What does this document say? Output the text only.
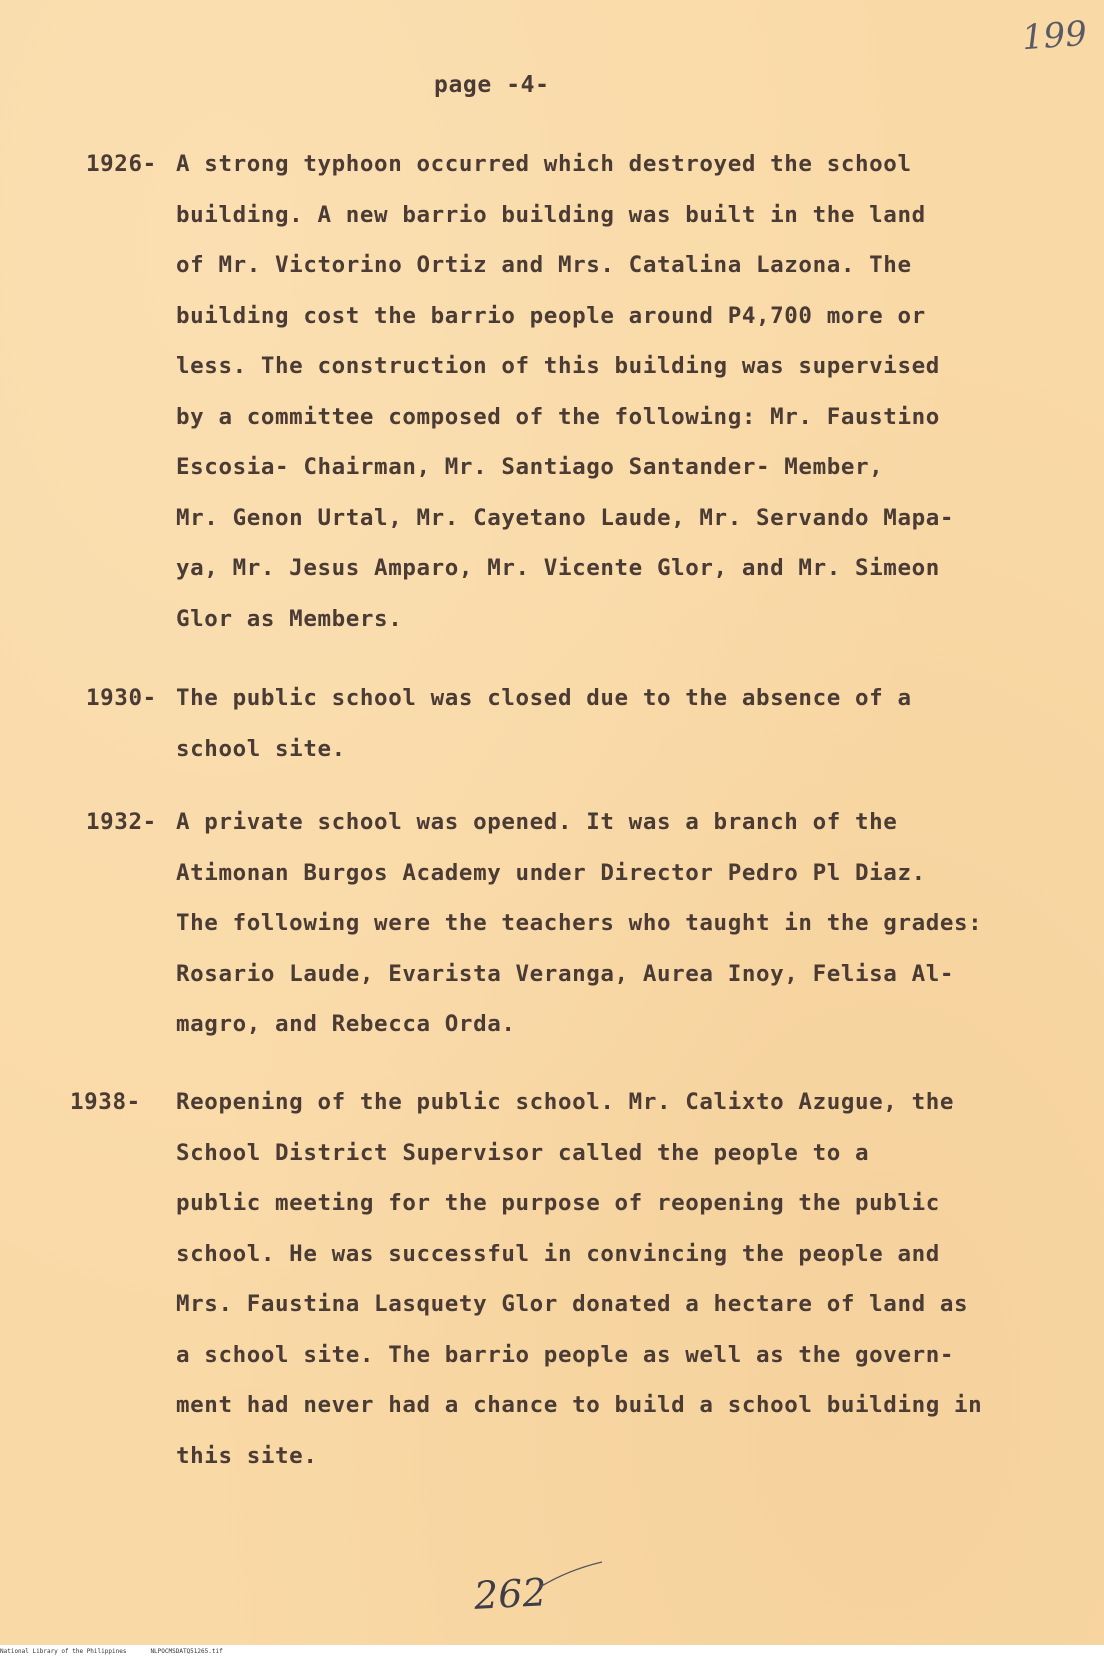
199
page -4-
1926- A strong typhoon occurred which destroyed the school
building. A new barrio building was built in the land
of Mr. Victorino Ortiz and Mrs. Catalina Lazona. The
building cost the barrio people around P4,700 more or
less. The construction of this building was supervised
by a committee composed of the following: Mr. Faustino
Escosia- Chairman, Mr. Santiago Santander- Member,
Mr. Genon Urtal, Mr. Cayetano Laude, Mr. Servando Mapa-
ya, Mr. Jesus Amparo, Mr. Vicente Glor, and Mr. Simeon
Glor as Members.
1930- The public school was closed due to the absence of a
school site.
1932- A private school was opened. It was a branch of the
Atimonan Burgos Academy under Director Pedro Pl Diaz.
The following were the teachers who taught in the grades:
Rosario Laude, Evarista Veranga, Aurea Inoy, Felisa Al-
magro, and Rebecca Orda.
1938- Reopening of the public school. Mr. Calixto Azugue, the
School District Supervisor called the people to a
public meeting for the purpose of reopening the public
school. He was successful in convincing the people and
Mrs. Faustina Lasquety Glor donated a hectare of land as
a school site. The barrio people as well as the govern-
ment had never had a chance to build a school building in
this site.
262
National Library of the Philippines	NLPOCMSDATQ51265.tif
